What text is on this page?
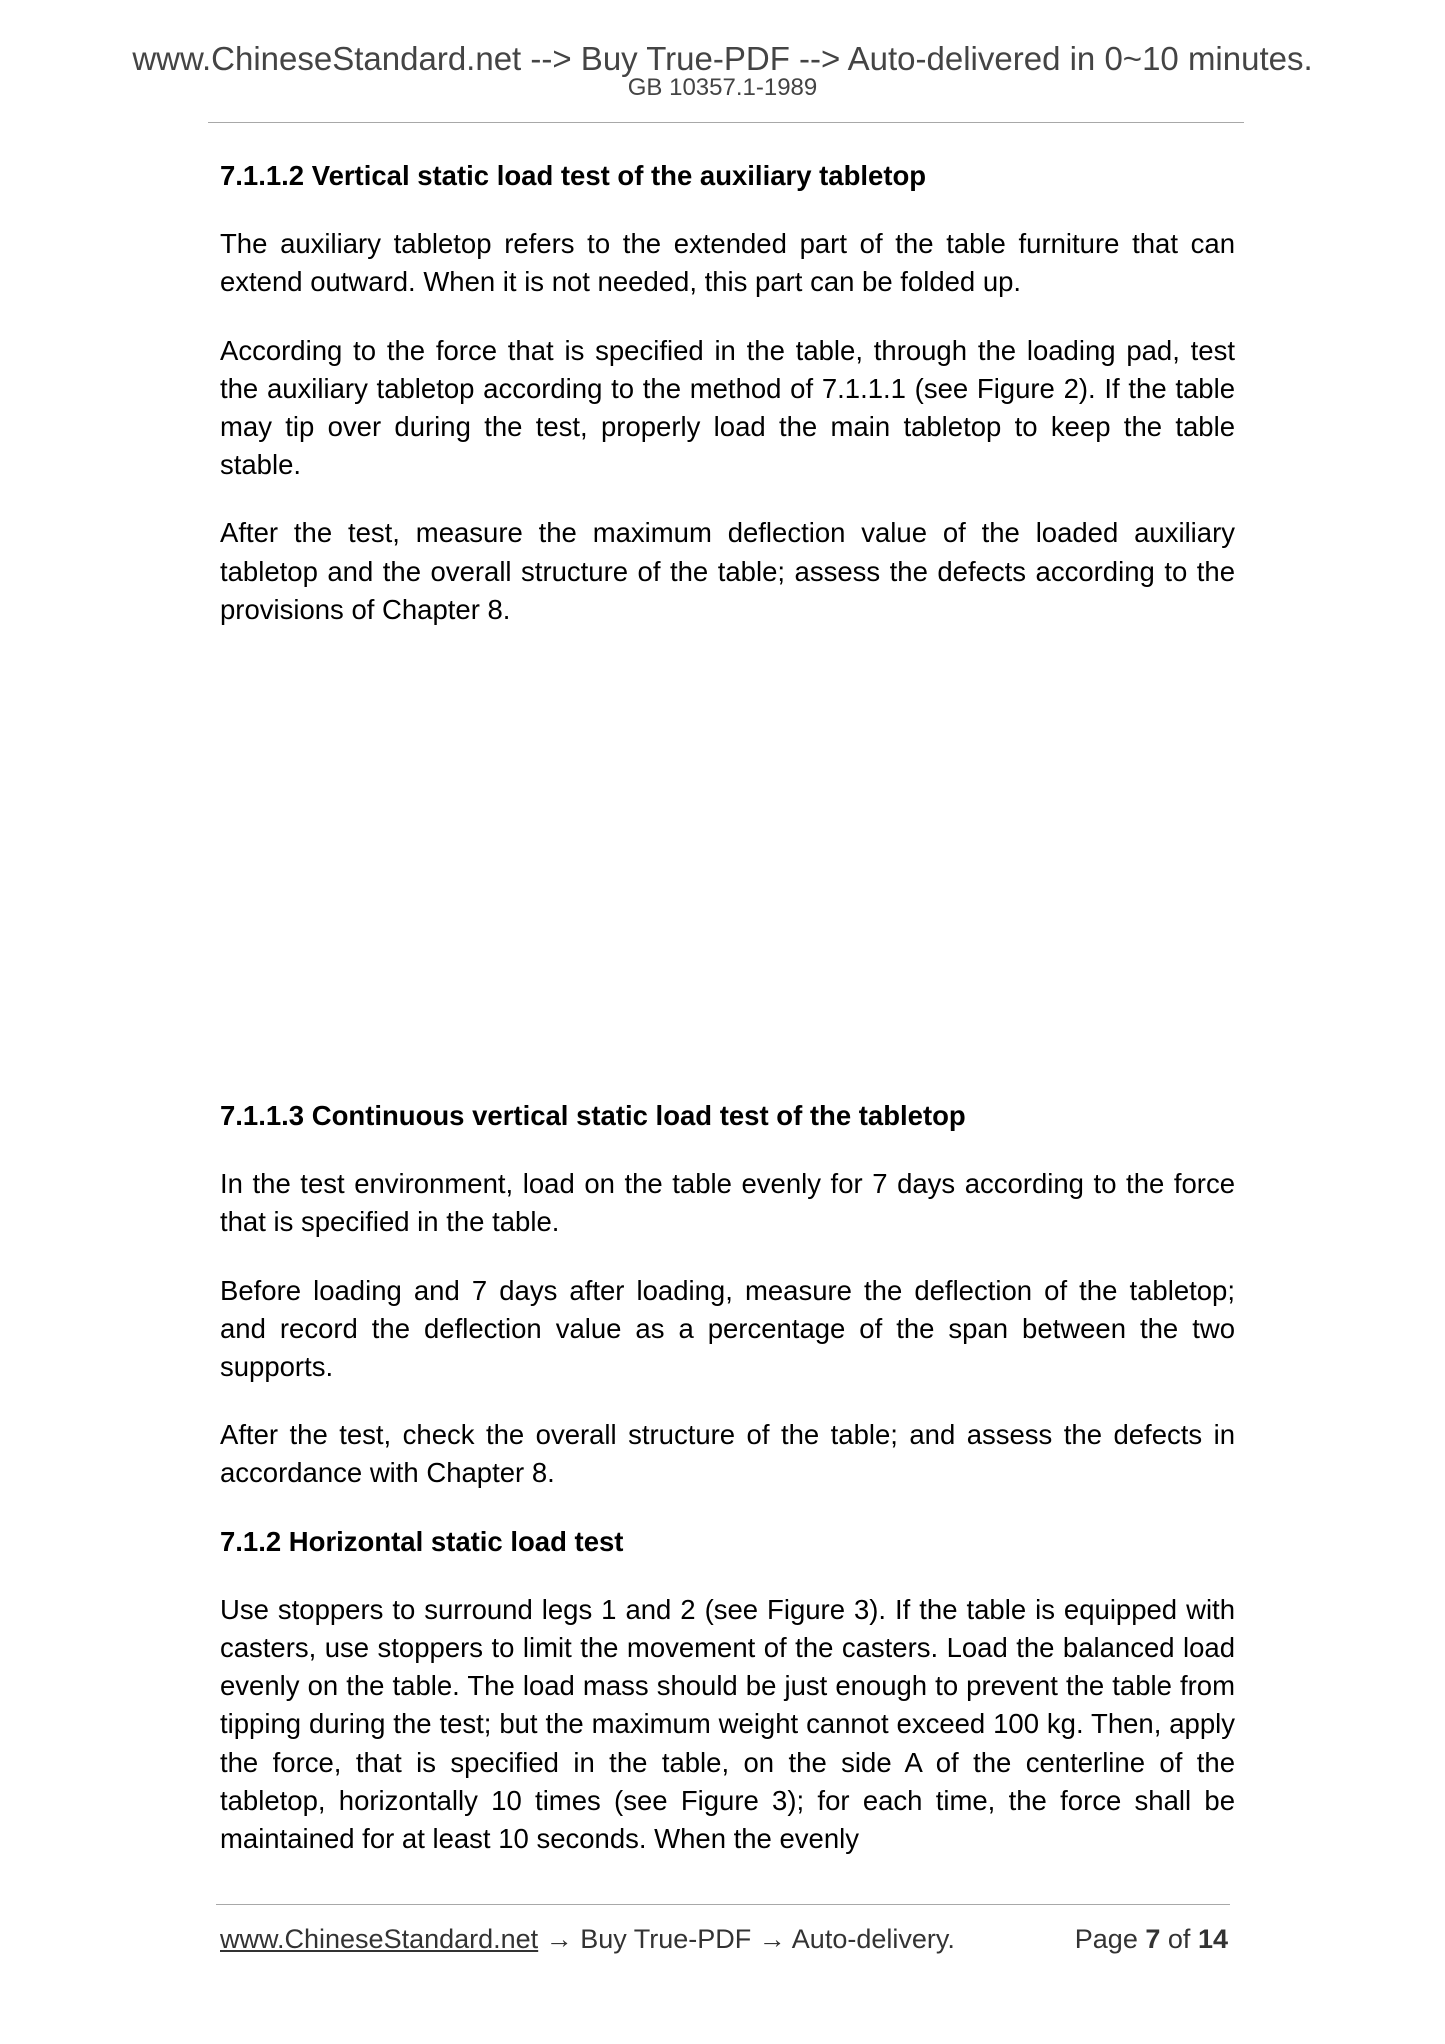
www.ChineseStandard.net --> Buy True-PDF --> Auto-delivered in 0~10 minutes.
GB 10357.1-1989

7.1.1.2 Vertical static load test of the auxiliary tabletop

The auxiliary tabletop refers to the extended part of the table furniture that can extend outward. When it is not needed, this part can be folded up.

According to the force that is specified in the table, through the loading pad, test the auxiliary tabletop according to the method of 7.1.1.1 (see Figure 2). If the table may tip over during the test, properly load the main tabletop to keep the table stable.

After the test, measure the maximum deflection value of the loaded auxiliary tabletop and the overall structure of the table; assess the defects according to the provisions of Chapter 8.

7.1.1.3 Continuous vertical static load test of the tabletop

In the test environment, load on the table evenly for 7 days according to the force that is specified in the table.

Before loading and 7 days after loading, measure the deflection of the tabletop; and record the deflection value as a percentage of the span between the two supports.

After the test, check the overall structure of the table; and assess the defects in accordance with Chapter 8.

7.1.2 Horizontal static load test

Use stoppers to surround legs 1 and 2 (see Figure 3). If the table is equipped with casters, use stoppers to limit the movement of the casters. Load the balanced load evenly on the table. The load mass should be just enough to prevent the table from tipping during the test; but the maximum weight cannot exceed 100 kg. Then, apply the force, that is specified in the table, on the side A of the centerline of the tabletop, horizontally 10 times (see Figure 3); for each time, the force shall be maintained for at least 10 seconds. When the evenly

www.ChineseStandard.net → Buy True-PDF → Auto-delivery.	Page 7 of 14
